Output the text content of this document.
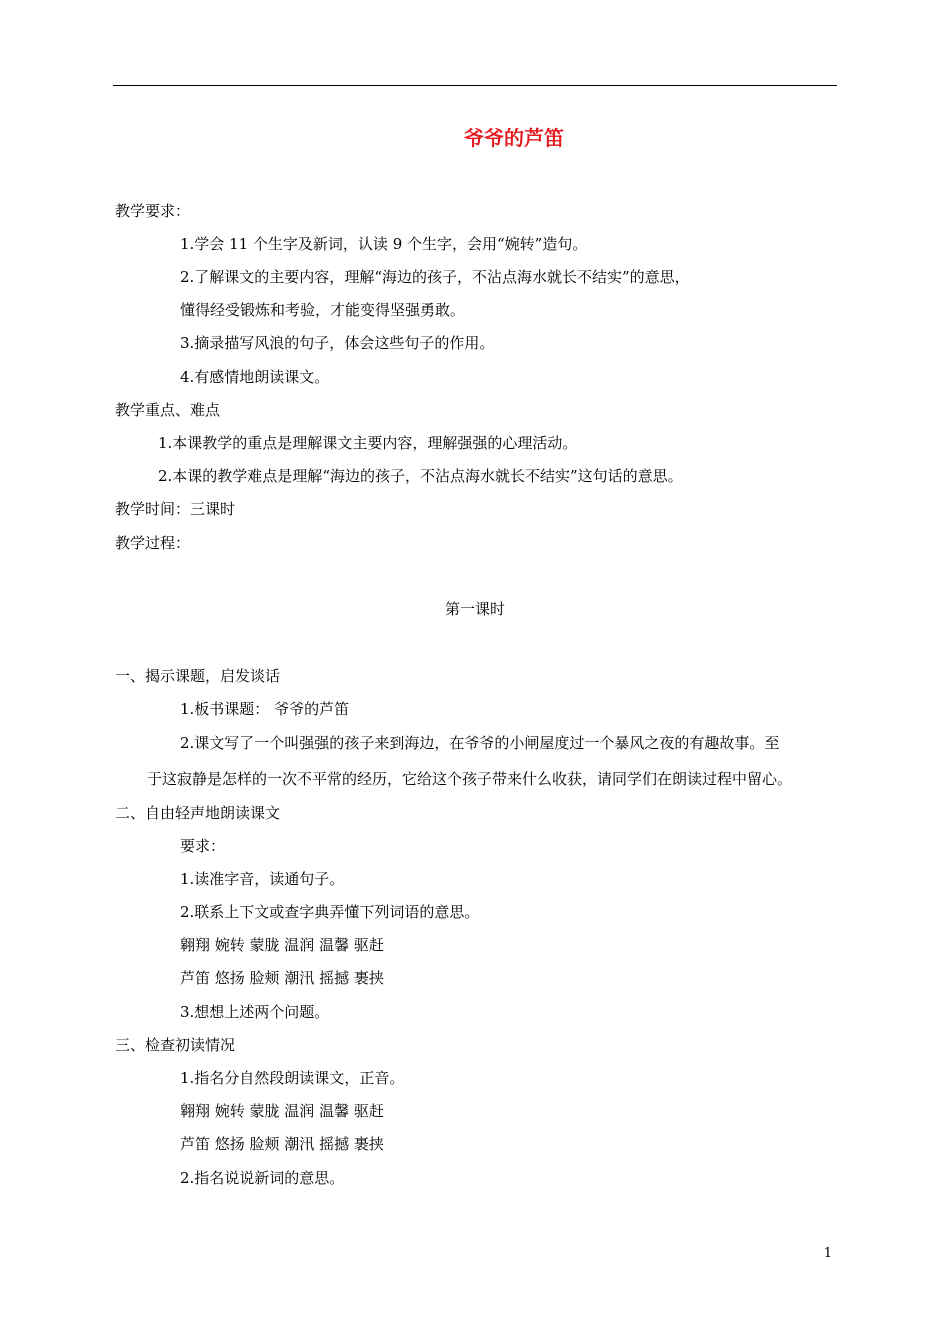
爷爷的芦笛
教学要求：
1.学会 11 个生字及新词，认读 9 个生字，会用“婉转”造句。
2.了解课文的主要内容，理解“海边的孩子，不沾点海水就长不结实”的意思，
懂得经受锻炼和考验，才能变得坚强勇敢。
3.摘录描写风浪的句子，体会这些句子的作用。
4.有感情地朗读课文。
教学重点、难点
1.本课教学的重点是理解课文主要内容，理解强强的心理活动。
2.本课的教学难点是理解“海边的孩子，不沾点海水就长不结实”这句话的意思。
教学时间：三课时
教学过程：
第一课时
一、揭示课题，启发谈话
1.板书课题： 爷爷的芦笛
2.课文写了一个叫强强的孩子来到海边，在爷爷的小闸屋度过一个暴风之夜的有趣故事。至
于这寂静是怎样的一次不平常的经历，它给这个孩子带来什么收获，请同学们在朗读过程中留心。
二、自由轻声地朗读课文
要求：
1.读准字音，读通句子。
2.联系上下文或查字典弄懂下列词语的意思。
翱翔 婉转 蒙胧 温润 温馨 驱赶
芦笛 悠扬 脸颊 潮汛 摇撼 裹挟
3.想想上述两个问题。
三、检查初读情况
1.指名分自然段朗读课文，正音。
翱翔 婉转 蒙胧 温润 温馨 驱赶
芦笛 悠扬 脸颊 潮汛 摇撼 裹挟
2.指名说说新词的意思。
1
